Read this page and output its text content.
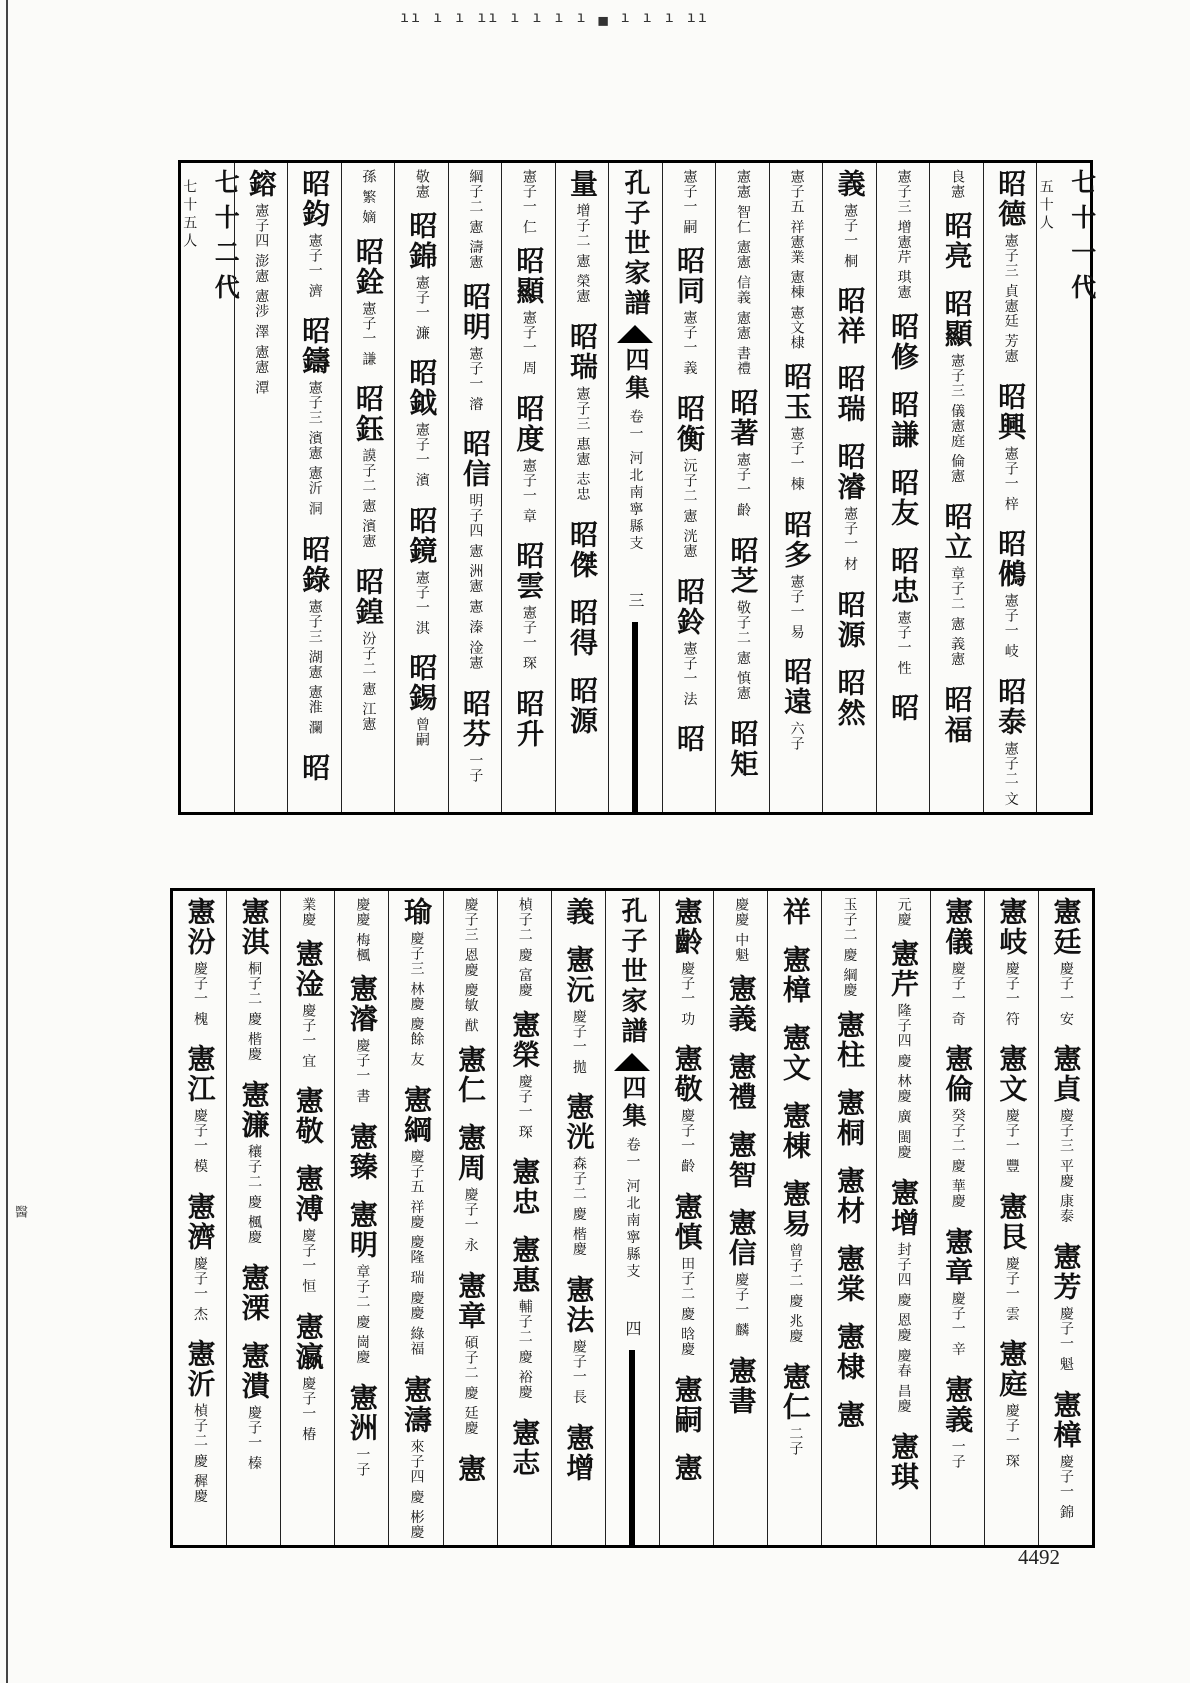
ıı ı ı ıı ı ı ı ı ▄ ı ı ı ıı
醫
七十一代
五十人
昭德
憲子三 貞憲廷 芳憲
昭興
憲子一 梓
昭鵂
憲子一 岐
昭泰
憲子二 文
良憲
昭亮
昭顯
憲子三 儀憲庭 倫憲
昭立
章子二 憲 義憲
昭福
憲子三 增憲芹 琪憲
昭修
昭謙
昭友
昭忠
憲子一 性
昭
義
憲子一 桐
昭祥
昭瑞
昭濬
憲子一 材
昭源
昭然
憲子五 祥憲業 憲棟 憲文棣
昭玉
憲子一 棟
昭多
憲子一 易
昭遠
六子
憲憲 智仁 憲憲 信義 憲憲 書禮
昭著
憲子一 齡
昭芝
敬子二 憲 慎憲
昭矩
憲子一 嗣
昭同
憲子一 義
昭衡
沅子二 憲 洸憲
昭鈴
憲子一 法
昭
孔子世家譜
四集
卷一 河北南寧縣支
三
量
增子二 憲 榮憲
昭瑞
憲子三 惠憲 志忠
昭傑
昭得
昭源
憲子一 仁
昭顯
憲子一 周
昭度
憲子一 章
昭雲
憲子一 琛
昭升
綱子二 憲 濤憲
昭明
憲子一 濬
昭信
明子四 憲 洲憲 憲 溱 淦憲
昭芬
一子
敬憲
昭錦
憲子一 濂
昭鉞
憲子一 濱
昭鏡
憲子一 淇
昭錫
曾嗣
孫 繁 嫡
昭銓
憲子一 謙
昭鈺
謨子二 憲 濱憲
昭鍠
汾子二 憲 江憲
昭鈞
憲子一 濟
昭鑄
憲子三 濱憲 憲沂 洞
昭錄
憲子三 湖憲 憲淮 瀾
昭
鎔
憲子四 澎憲 憲涉 澤 憲憲 潭
七十二代
七十五人
憲廷
慶子一 安
憲貞
慶子三 平慶 康泰
憲芳
慶子一 魁
憲樟
慶子一 錦
憲岐
慶子一 符
憲文
慶子一 豐
憲艮
慶子一 雲
憲庭
慶子一 琛
憲儀
慶子一 奇
憲倫
癸子二 慶 華慶
憲章
慶子一 辛
憲義
一子
元慶
憲芹
隆子四 慶 林慶 廣 閩慶
憲增
封子四 慶 恩慶 慶春 昌慶
憲琪
玉子二 慶 綱慶
憲柱
憲桐
憲材
憲棠
憲棣
憲
祥
憲樟
憲文
憲棟
憲易
曾子二 慶 兆慶
憲仁
二子
慶慶 中魁
憲義
憲禮
憲智
憲信
慶子一 麟
憲書
憲齡
慶子一 功
憲敬
慶子一 齡
憲慎
田子二 慶 晗慶
憲嗣
憲
孔子世家譜
四集
卷一 河北南寧縣支
四
義
憲沅
慶子一 拋
憲洸
森子二 慶 楷慶
憲法
慶子一 長
憲增
楨子二 慶 富慶
憲榮
慶子一 琛
憲忠
憲惠
輔子二 慶 裕慶
憲志
慶子三 恩慶 慶敏 猷
憲仁
憲周
慶子一 永
憲章
碩子二 慶 廷慶
憲
瑜
慶子三 林慶 慶餘 友
憲綱
慶子五 祥慶 慶隆 瑞 慶慶 綠福
憲濤
來子四 慶 彬慶
慶慶 梅楓
憲濬
慶子一 書
憲臻
憲明
章子二 慶 崗慶
憲洲
一子
業慶
憲淦
慶子一 宜
憲敬
憲溥
慶子一 恒
憲瀛
慶子一 椿
憲淇
桐子二 慶 楷慶
憲濂
穰子二 慶 楓慶
憲溧
憲潰
慶子一 榛
憲汾
慶子一 槐
憲江
慶子一 模
憲濟
慶子一 杰
憲沂
楨子二 慶 穉慶
4492
